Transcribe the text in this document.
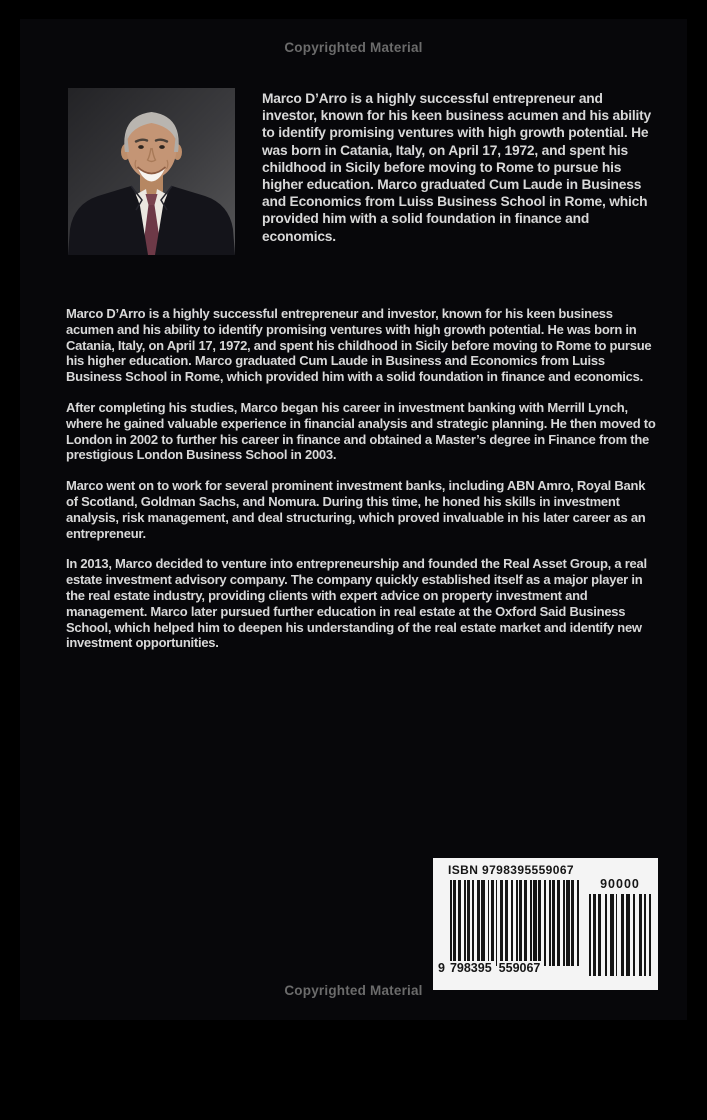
Copyrighted Material
Marco D’Arro is a highly successful entrepreneur and investor, known for his keen business acumen and his ability to identify promising ventures with high growth potential. He was born in Catania, Italy, on April 17, 1972, and spent his childhood in Sicily before moving to Rome to pursue his higher education. Marco graduated Cum Laude in Business and Economics from Luiss Business School in Rome, which provided him with a solid foundation in finance and economics.

Marco D’Arro is a highly successful entrepreneur and investor, known for his keen business acumen and his ability to identify promising ventures with high growth potential. He was born in Catania, Italy, on April 17, 1972, and spent his childhood in Sicily before moving to Rome to pursue his higher education. Marco graduated Cum Laude in Business and Economics from Luiss Business School in Rome, which provided him with a solid foundation in finance and economics.

After completing his studies, Marco began his career in investment banking with Merrill Lynch, where he gained valuable experience in financial analysis and strategic planning. He then moved to London in 2002 to further his career in finance and obtained a Master’s degree in Finance from the prestigious London Business School in 2003.

Marco went on to work for several prominent investment banks, including ABN Amro, Royal Bank of Scotland, Goldman Sachs, and Nomura. During this time, he honed his skills in investment analysis, risk management, and deal structuring, which proved invaluable in his later career as an entrepreneur.

In 2013, Marco decided to venture into entrepreneurship and founded the Real Asset Group, a real estate investment advisory company. The company quickly established itself as a major player in the real estate industry, providing clients with expert advice on property investment and management. Marco later pursued further education in real estate at the Oxford Said Business School, which helped him to deepen his understanding of the real estate market and identify new investment opportunities.

ISBN 9798395559067
9 798395 559067
90000
Copyrighted Material
